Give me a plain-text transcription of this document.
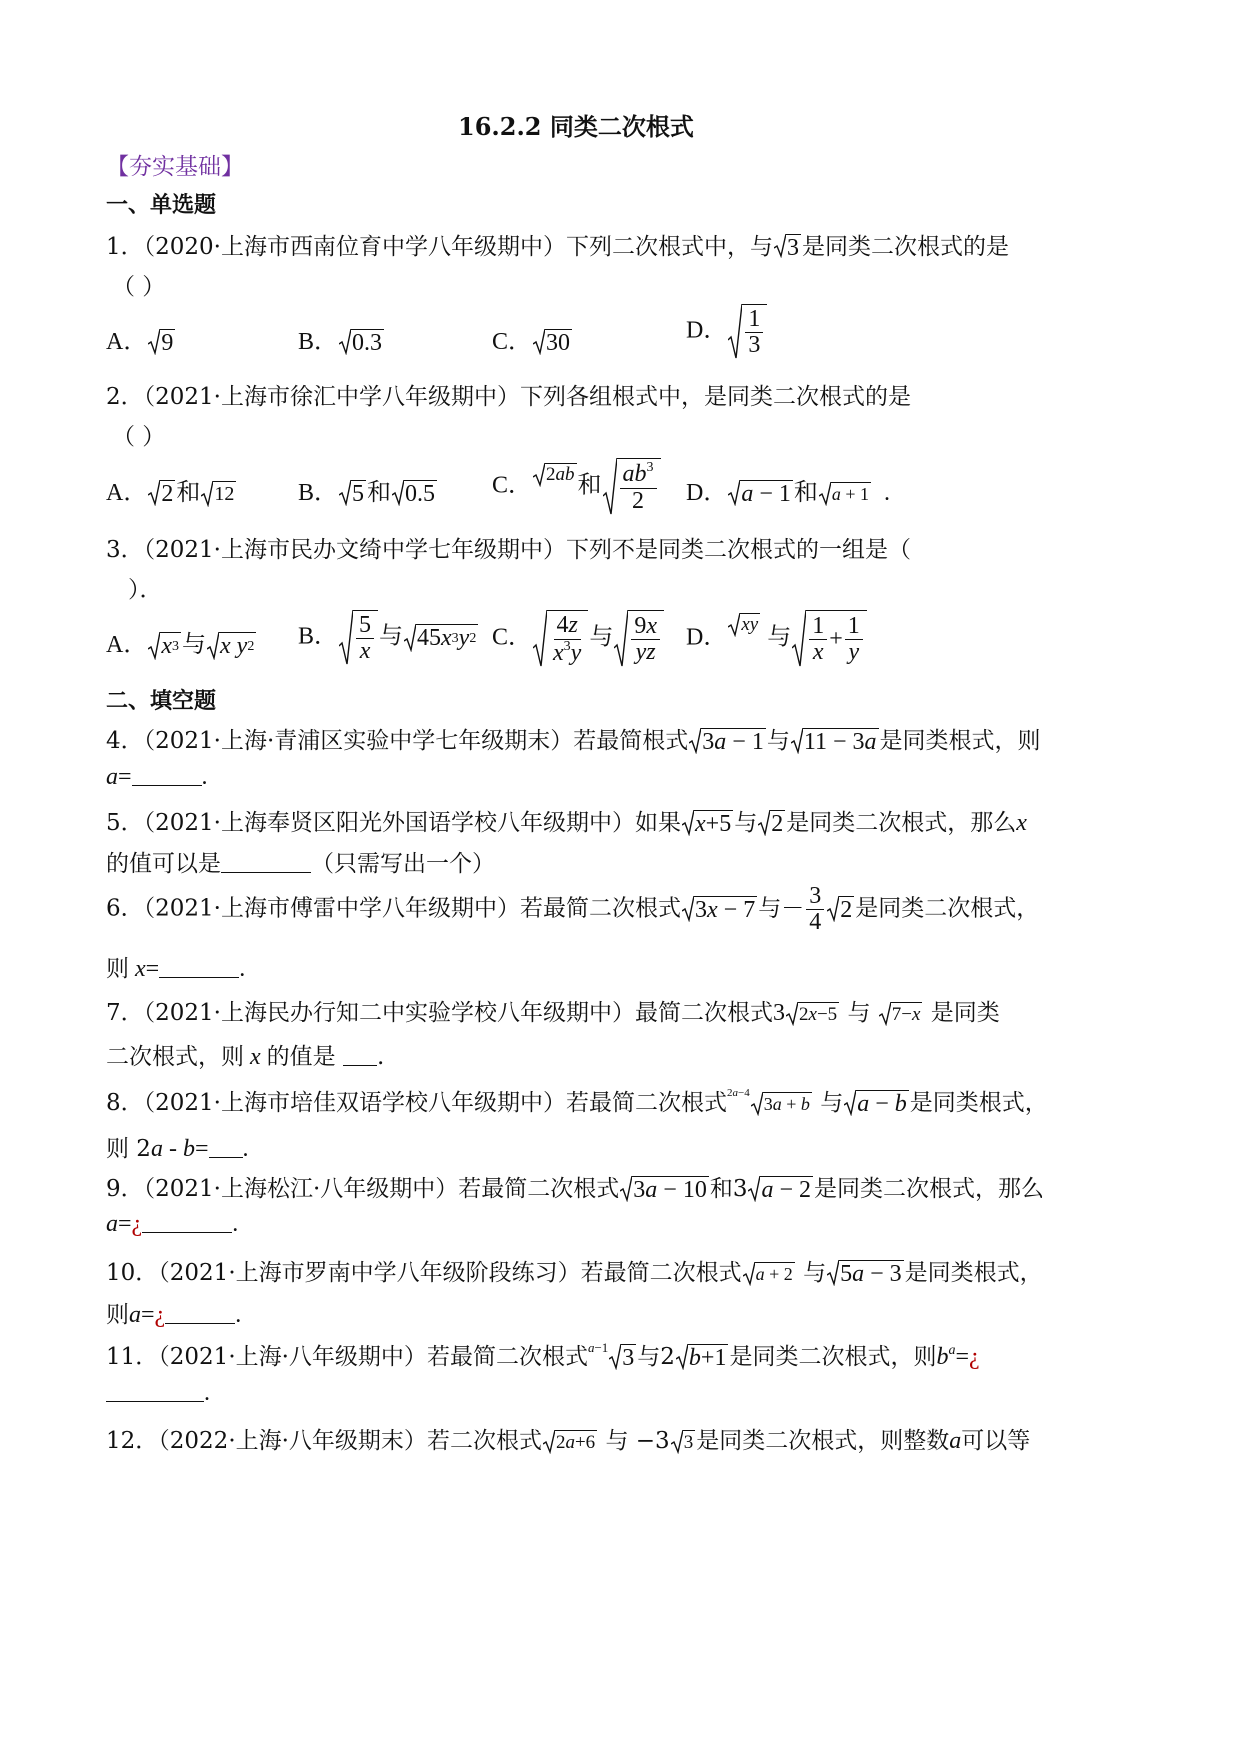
16.2.2 同类二次根式
【夯实基础】
一、单选题
1．（2020·上海市西南位育中学八年级期中）下列二次根式中，与 3 是同类二次根式的是
（ ）
A． 9	B． 0.3	C． 30	D． $\frac{1}{3}$
2．（2021·上海市徐汇中学八年级期中）下列各组根式中，是同类二次根式的是
（ ）
A． 2 和 12	B． 5 和 0.5 C． 2 ab 和 $\frac{ab^3}{2}$ D． a − 1 和 a + 1 .
3．（2021·上海市民办文绮中学七年级期中）下列不是同类二次根式的一组是（
）．
A． x 3 与 x
y 2 B． $\frac{5}{x}$ 与 45 x 3 y 2 C． $\frac{4z}{x^3y}$ 与 $\frac{9x}{yz}$ D． xy 与 $\frac{1}{x} + \frac{1}{y}$
二、填空题
4．（2021·上海·青浦区实验中学七年级期末）若最简根式 3 a − 1 与 11 − 3 a 是同类根式，则
a=	.
5．（2021·上海奉贤区阳光外国语学校八年级期中）如果 x +5 与 2 是同类二次根式，那么x
的值可以是	（只需写出一个）
6．（2021·上海市傅雷中学八年级期中）若最简二次根式 3 x − 7 与－ $\frac{3}{4} 2$ 是同类二次根式，
则 x=	.
7．（2021·上海民办行知二中实验学校八年级期中）最简二次根式3 2 x −5 与 7− x 是同类
二次根式，则 x 的值是 .
8．（2021·上海市培佳双语学校八年级期中）若最简二次根式$^{2a-4}$
3 a + b 与 a − b 是同类根式，
则 2a - b= .
9．（2021·上海松江·八年级期中）若最简二次根式 3 a − 10 和3 a − 2 是同类二次根式，那么
a=¿	.
10．（2021·上海市罗南中学八年级阶段练习）若最简二次根式 a + 2 与 5 a − 3 是同类根式，
则a=¿	.
11．（2021·上海·八年级期中）若最简二次根式$^{a-1}$ 3 与2 b +1 是同类二次根式，则$b^a=¿$
.
12．（2022·上海·八年级期末）若二次根式 2 a +6 与 −3 3 是同类二次根式，则整数a可以等
